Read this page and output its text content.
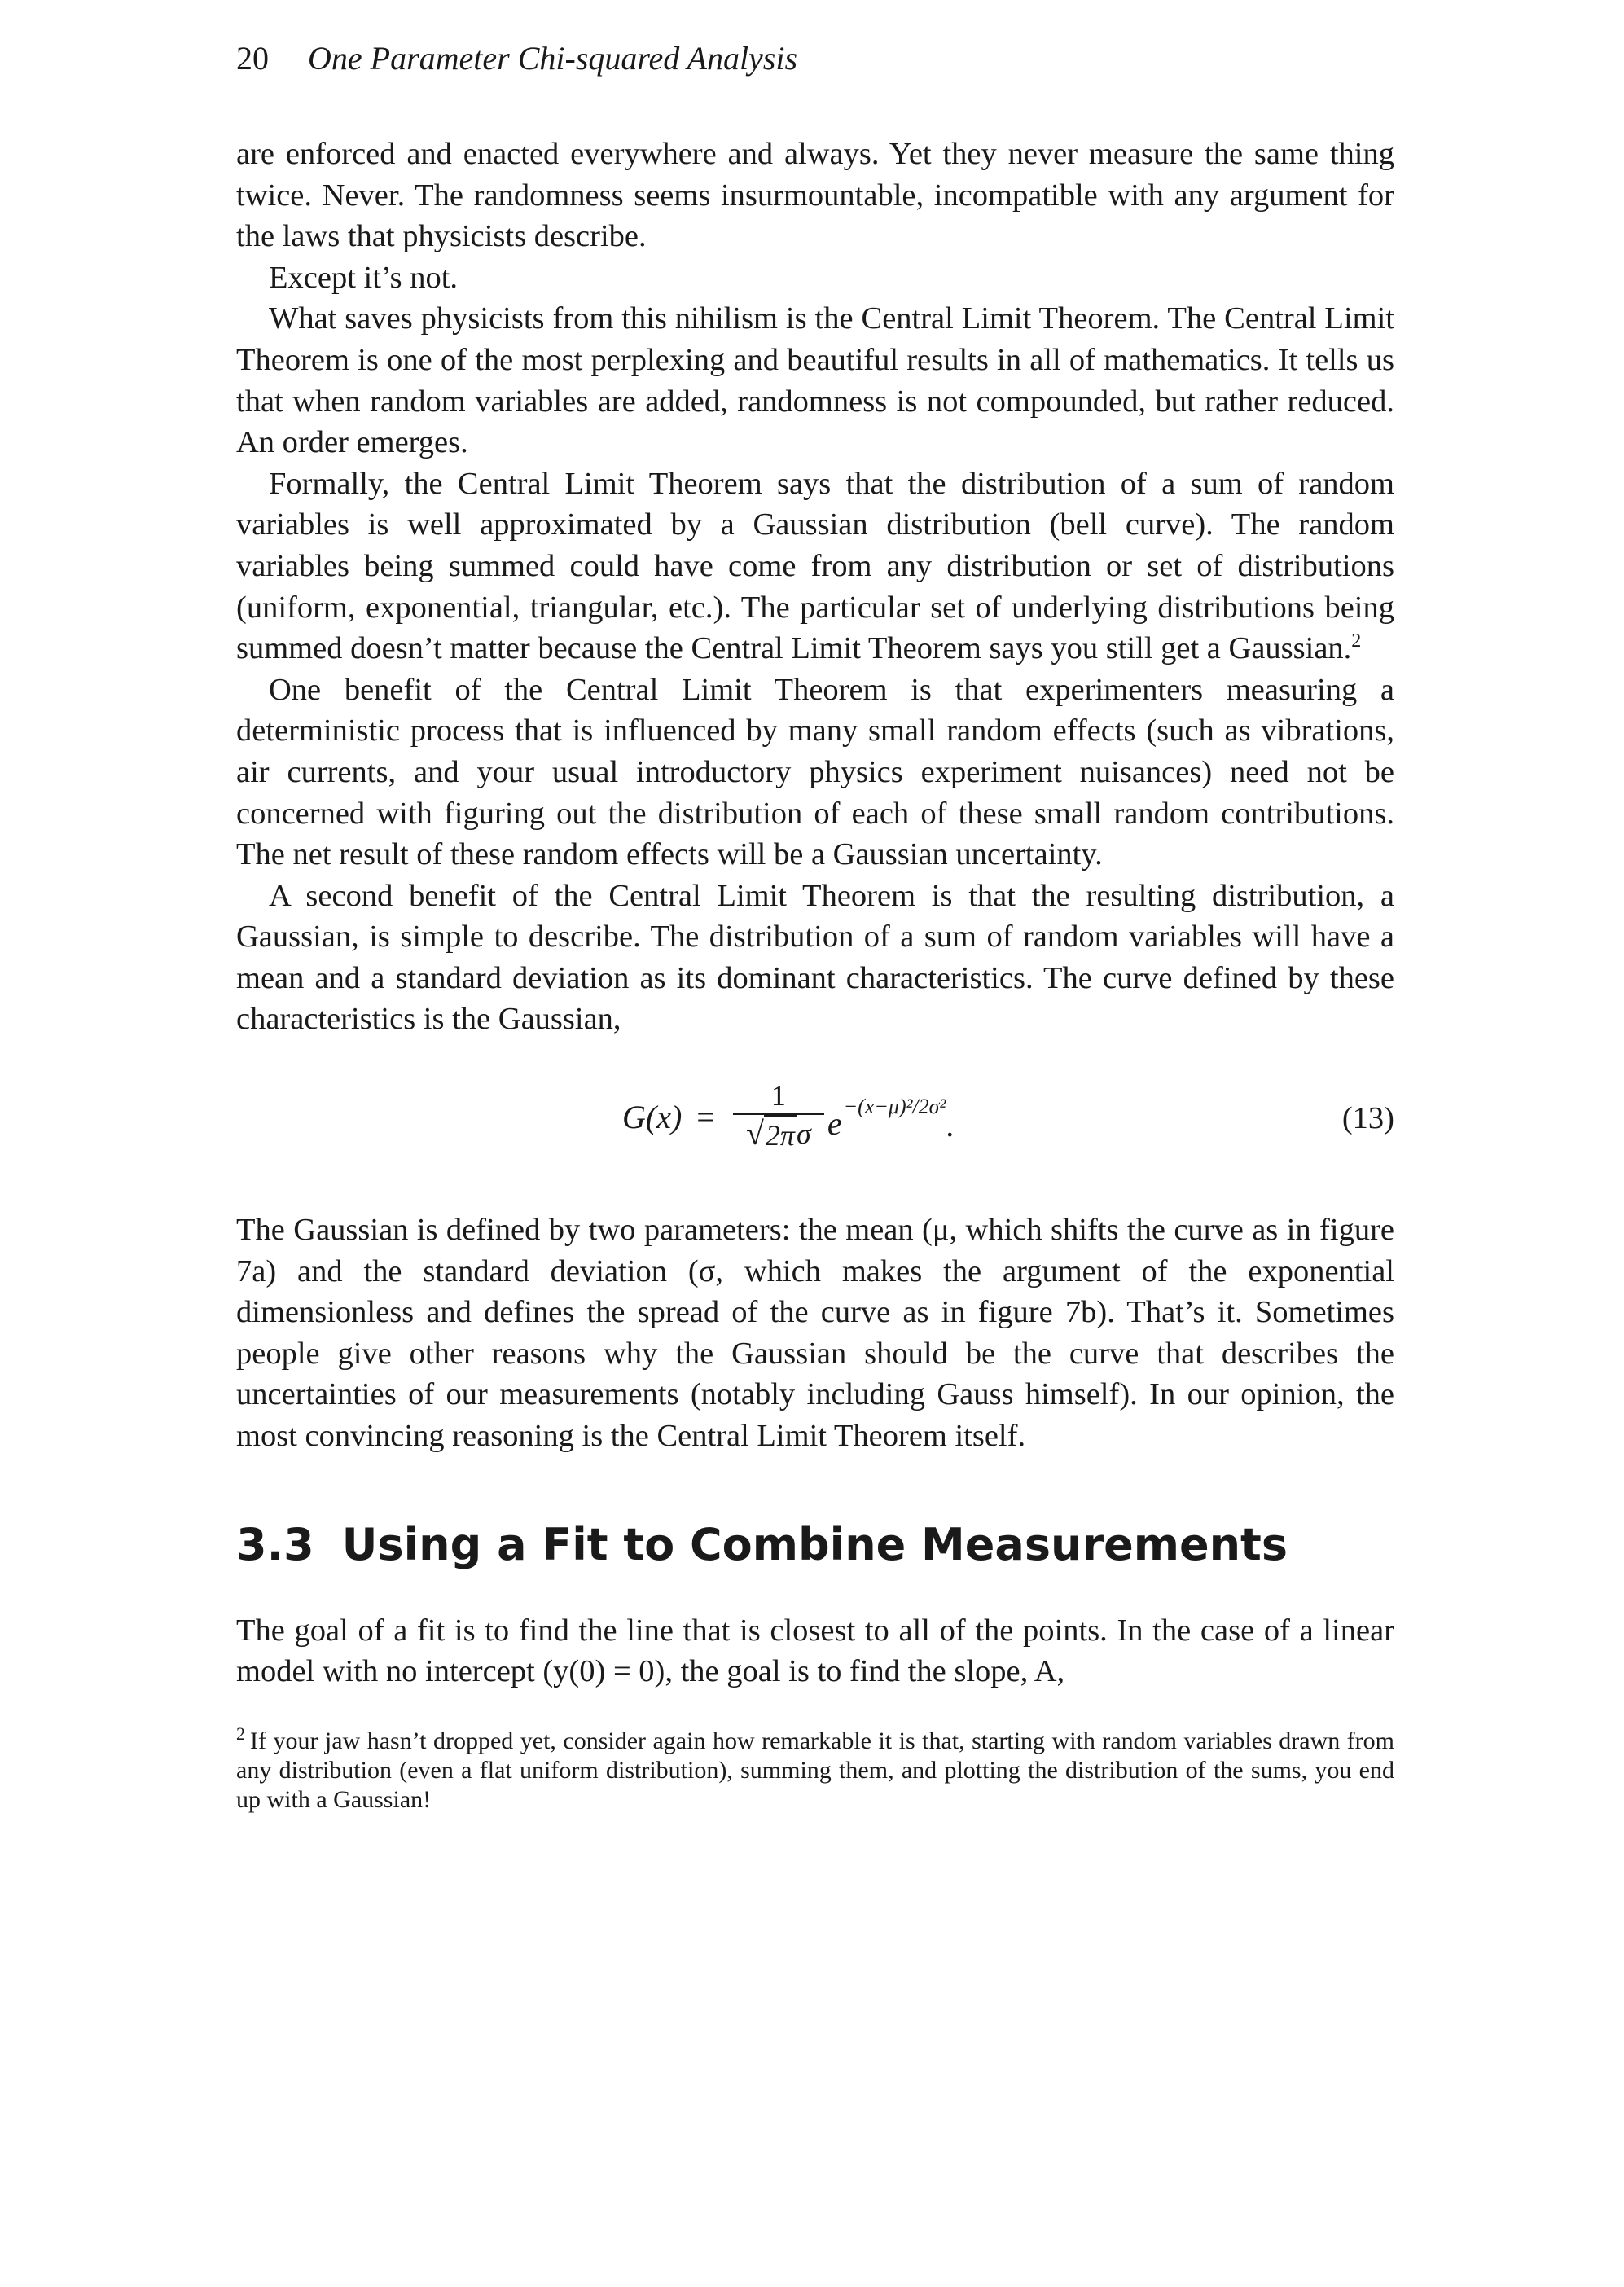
20 One Parameter Chi-squared Analysis

are enforced and enacted everywhere and always. Yet they never measure the same thing twice. Never. The randomness seems insurmountable, incompatible with any argument for the laws that physicists describe.

Except it’s not.

What saves physicists from this nihilism is the Central Limit Theorem. The Central Limit Theorem is one of the most perplexing and beautiful results in all of mathematics. It tells us that when random variables are added, randomness is not compounded, but rather reduced. An order emerges.

Formally, the Central Limit Theorem says that the distribution of a sum of random variables is well approximated by a Gaussian distribution (bell curve). The random variables being summed could have come from any distribution or set of distributions (uniform, exponential, triangular, etc.). The particular set of underlying distributions being summed doesn’t matter because the Central Limit Theorem says you still get a Gaussian.$^2$

One benefit of the Central Limit Theorem is that experimenters measuring a deterministic process that is influenced by many small random effects (such as vibrations, air currents, and your usual introductory physics experiment nuisances) need not be concerned with figuring out the distribution of each of these small random contributions. The net result of these random effects will be a Gaussian uncertainty.

A second benefit of the Central Limit Theorem is that the resulting distribution, a Gaussian, is simple to describe. The distribution of a sum of random variables will have a mean and a standard deviation as its dominant characteristics. The curve defined by these characteristics is the Gaussian,

$G(x) = \frac{1}{\text{√ 2π σ}}$ e −(x−μ)²/2σ² .	(13)

The Gaussian is defined by two parameters: the mean (μ, which shifts the curve as in figure 7a) and the standard deviation (σ, which makes the argument of the exponential dimensionless and defines the spread of the curve as in figure 7b). That’s it. Sometimes people give other reasons why the Gaussian should be the curve that describes the uncertainties of our measurements (notably including Gauss himself). In our opinion, the most convincing reasoning is the Central Limit Theorem itself.

3.3 Using a Fit to Combine Measurements

The goal of a fit is to find the line that is closest to all of the points. In the case of a linear model with no intercept (y(0) = 0), the goal is to find the slope, A,

$^2$ If your jaw hasn’t dropped yet, consider again how remarkable it is that, starting with random variables drawn from any distribution (even a flat uniform distribution), summing them, and plotting the distribution of the sums, you end up with a Gaussian!
